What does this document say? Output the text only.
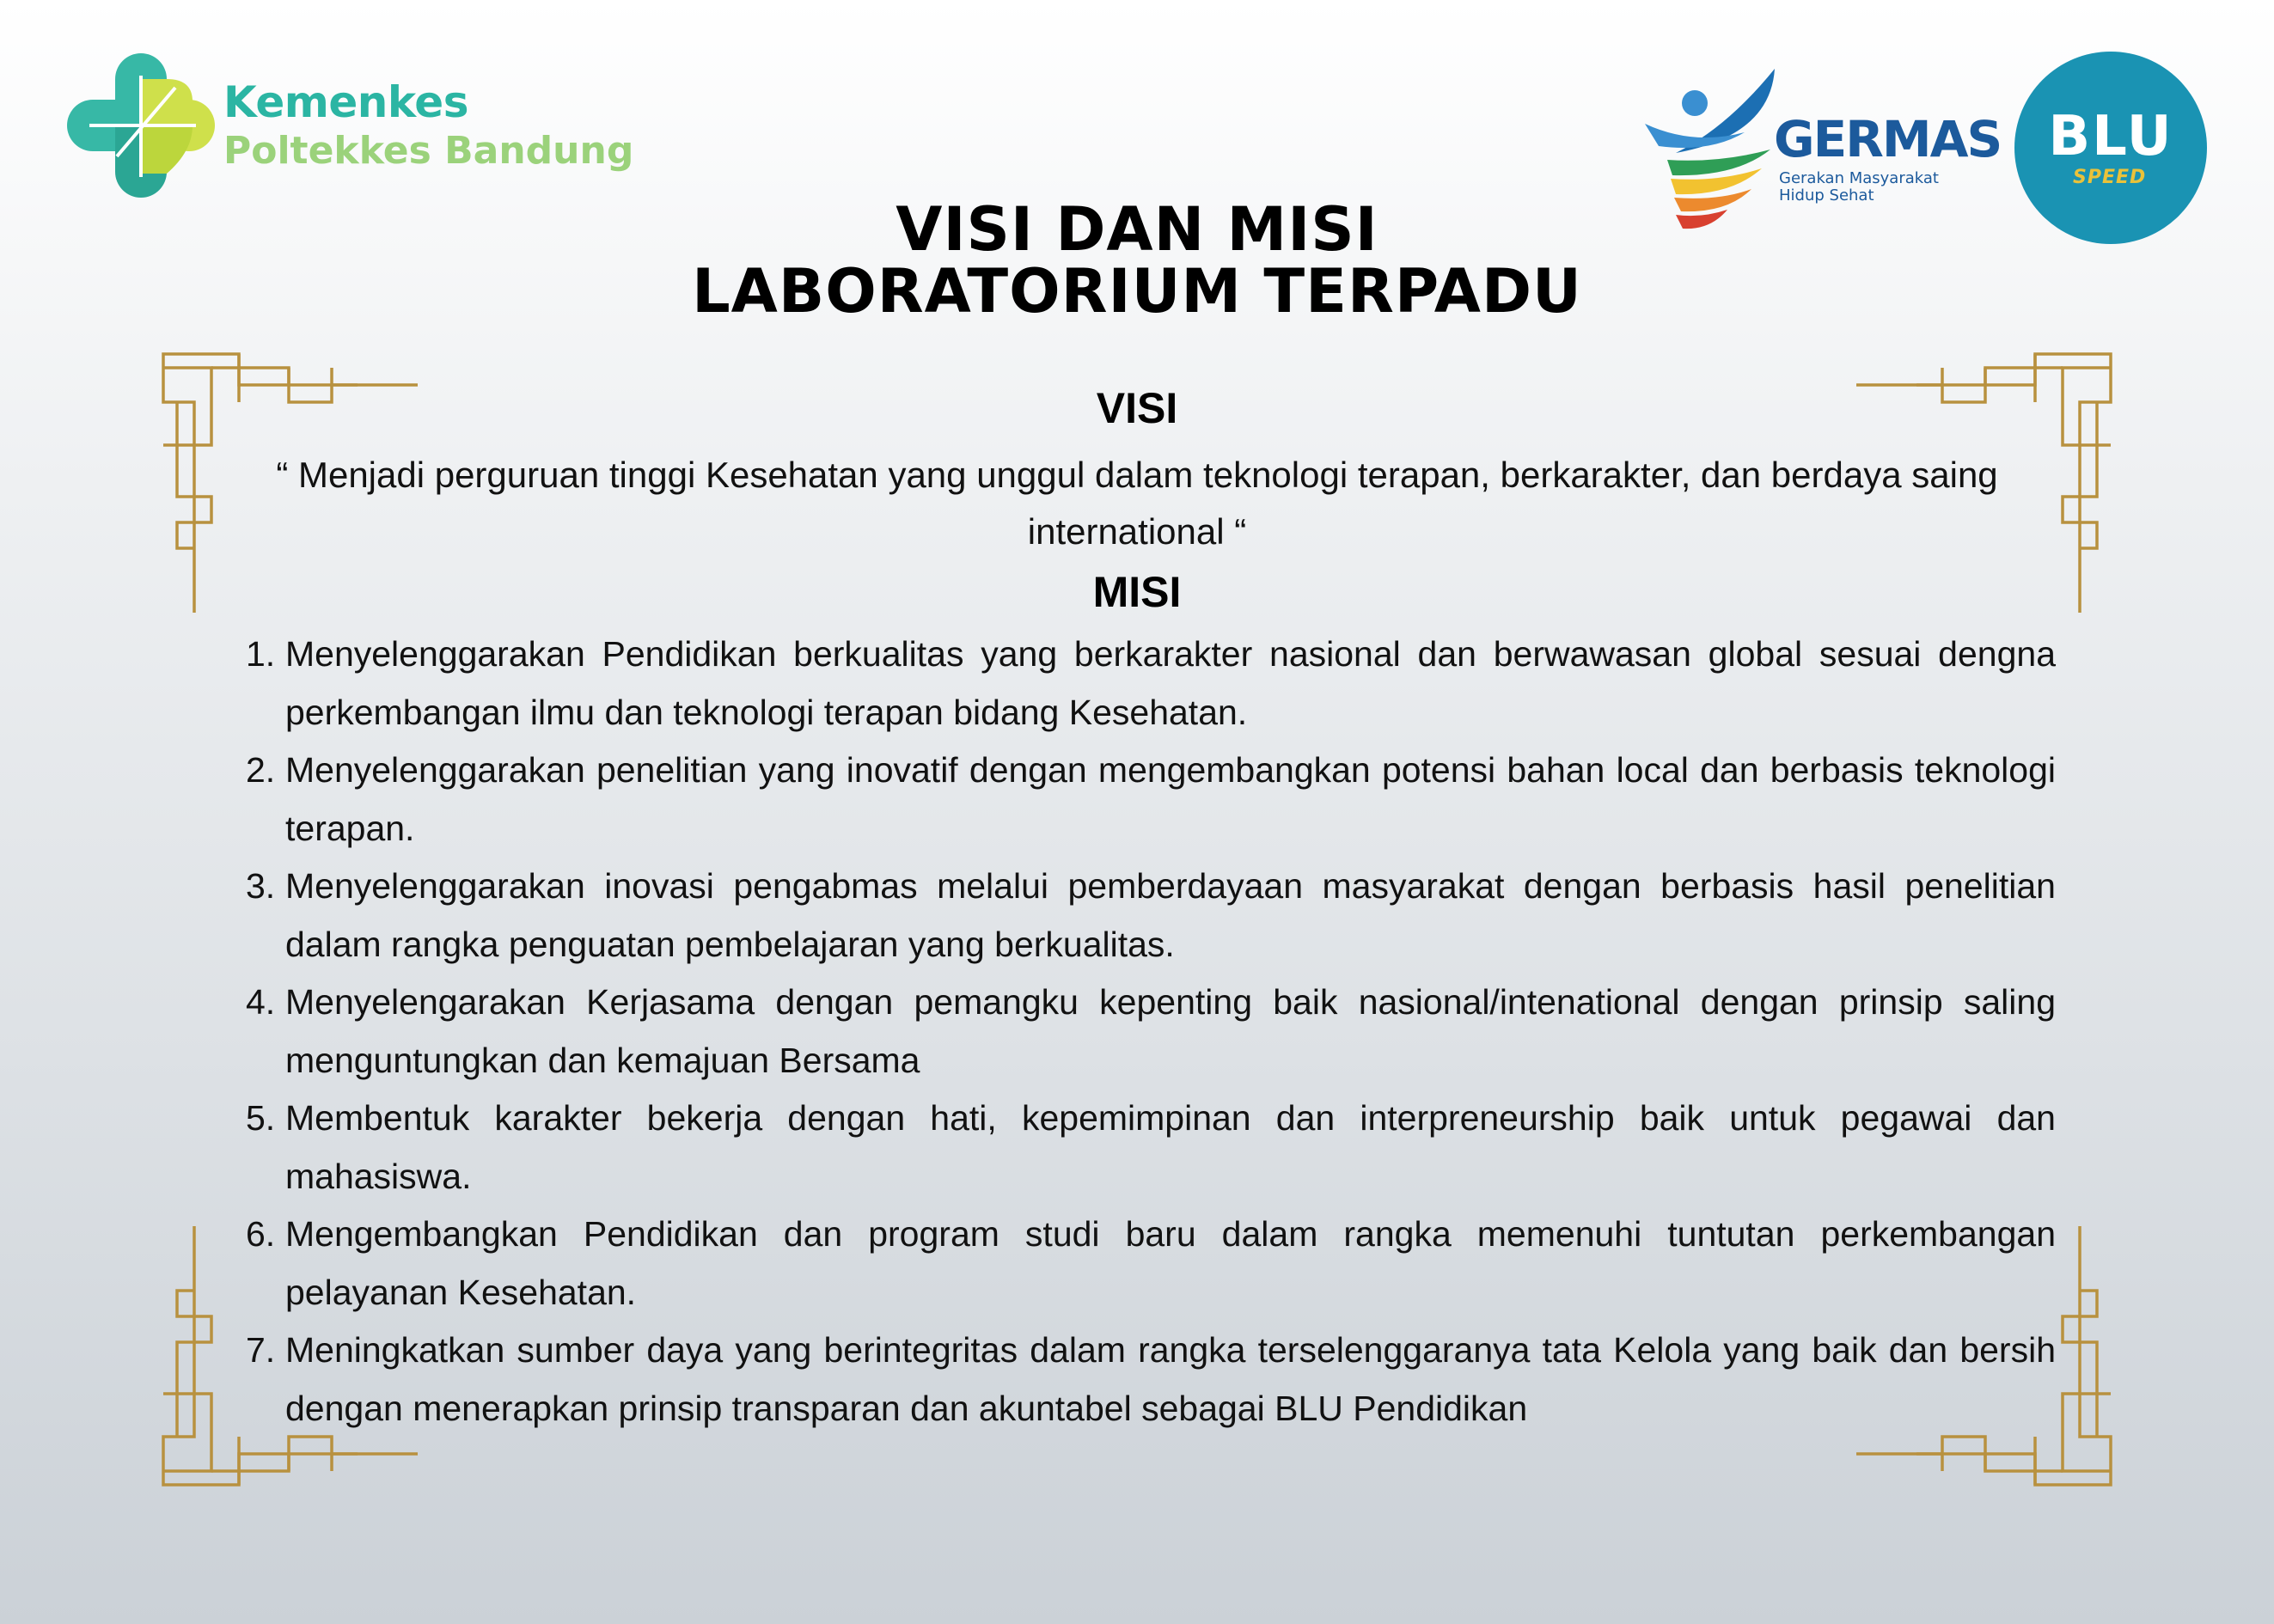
Kemenkes
Poltekkes Bandung	GERMAS
Gerakan Masyarakat
Hidup Sehat
BLU
SPEED
VISI DAN MISI
LABORATORIUM TERPADU
VISI
“ Menjadi perguruan tinggi Kesehatan yang unggul dalam teknologi terapan, berkarakter, dan berdaya saing international “
MISI
1. Menyelenggarakan Pendidikan berkualitas yang berkarakter nasional dan berwawasan global sesuai dengna perkembangan ilmu dan teknologi terapan bidang Kesehatan.
2. Menyelenggarakan penelitian yang inovatif dengan mengembangkan potensi bahan local dan berbasis teknologi terapan.
3. Menyelenggarakan inovasi pengabmas melalui pemberdayaan masyarakat dengan berbasis hasil penelitian dalam rangka penguatan pembelajaran yang berkualitas.
4. Menyelengarakan Kerjasama dengan pemangku kepenting baik nasional/intenational dengan prinsip saling menguntungkan dan kemajuan Bersama
5. Membentuk karakter bekerja dengan hati, kepemimpinan dan interpreneurship baik untuk pegawai dan mahasiswa.
6. Mengembangkan Pendidikan dan program studi baru dalam rangka memenuhi tuntutan perkembangan pelayanan Kesehatan.
7. Meningkatkan sumber daya yang berintegritas dalam rangka terselenggaranya tata Kelola yang baik dan bersih dengan menerapkan prinsip transparan dan akuntabel sebagai BLU Pendidikan
